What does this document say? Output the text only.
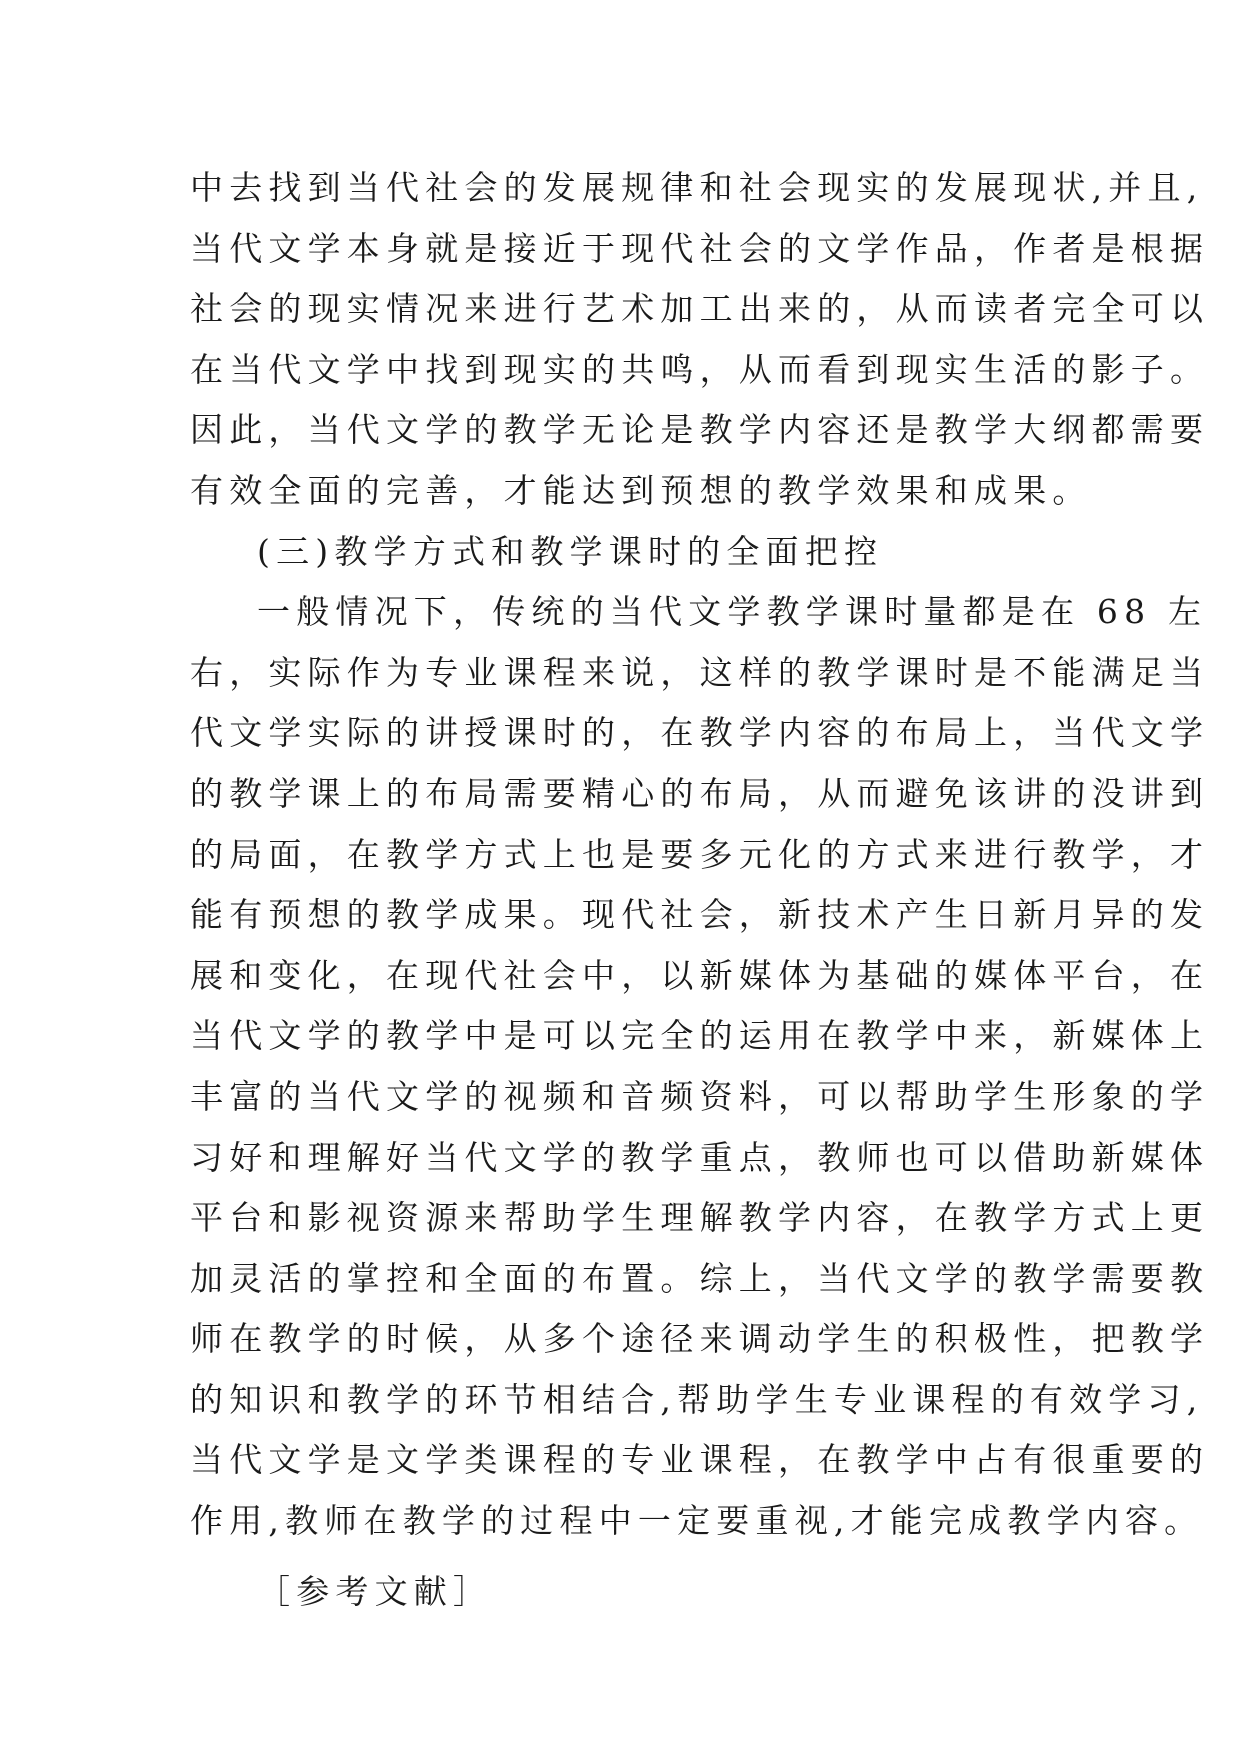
中去找到当代社会的发展规律和社会现实的发展现状,并且,
当代文学本身就是接近于现代社会的文学作品，作者是根据
社会的现实情况来进行艺术加工出来的，从而读者完全可以
在当代文学中找到现实的共鸣，从而看到现实生活的影子。
因此，当代文学的教学无论是教学内容还是教学大纲都需要
有效全面的完善，才能达到预想的教学效果和成果。
(三)教学方式和教学课时的全面把控
一般情况下，传统的当代文学教学课时量都是在 68 左
右，实际作为专业课程来说，这样的教学课时是不能满足当
代文学实际的讲授课时的，在教学内容的布局上，当代文学
的教学课上的布局需要精心的布局，从而避免该讲的没讲到
的局面，在教学方式上也是要多元化的方式来进行教学，才
能有预想的教学成果。现代社会，新技术产生日新月异的发
展和变化，在现代社会中，以新媒体为基础的媒体平台，在
当代文学的教学中是可以完全的运用在教学中来，新媒体上
丰富的当代文学的视频和音频资料，可以帮助学生形象的学
习好和理解好当代文学的教学重点，教师也可以借助新媒体
平台和影视资源来帮助学生理解教学内容，在教学方式上更
加灵活的掌控和全面的布置。综上，当代文学的教学需要教
师在教学的时候，从多个途径来调动学生的积极性，把教学
的知识和教学的环节相结合,帮助学生专业课程的有效学习,
当代文学是文学类课程的专业课程，在教学中占有很重要的
作用,教师在教学的过程中一定要重视,才能完成教学内容。
［参考文献］
